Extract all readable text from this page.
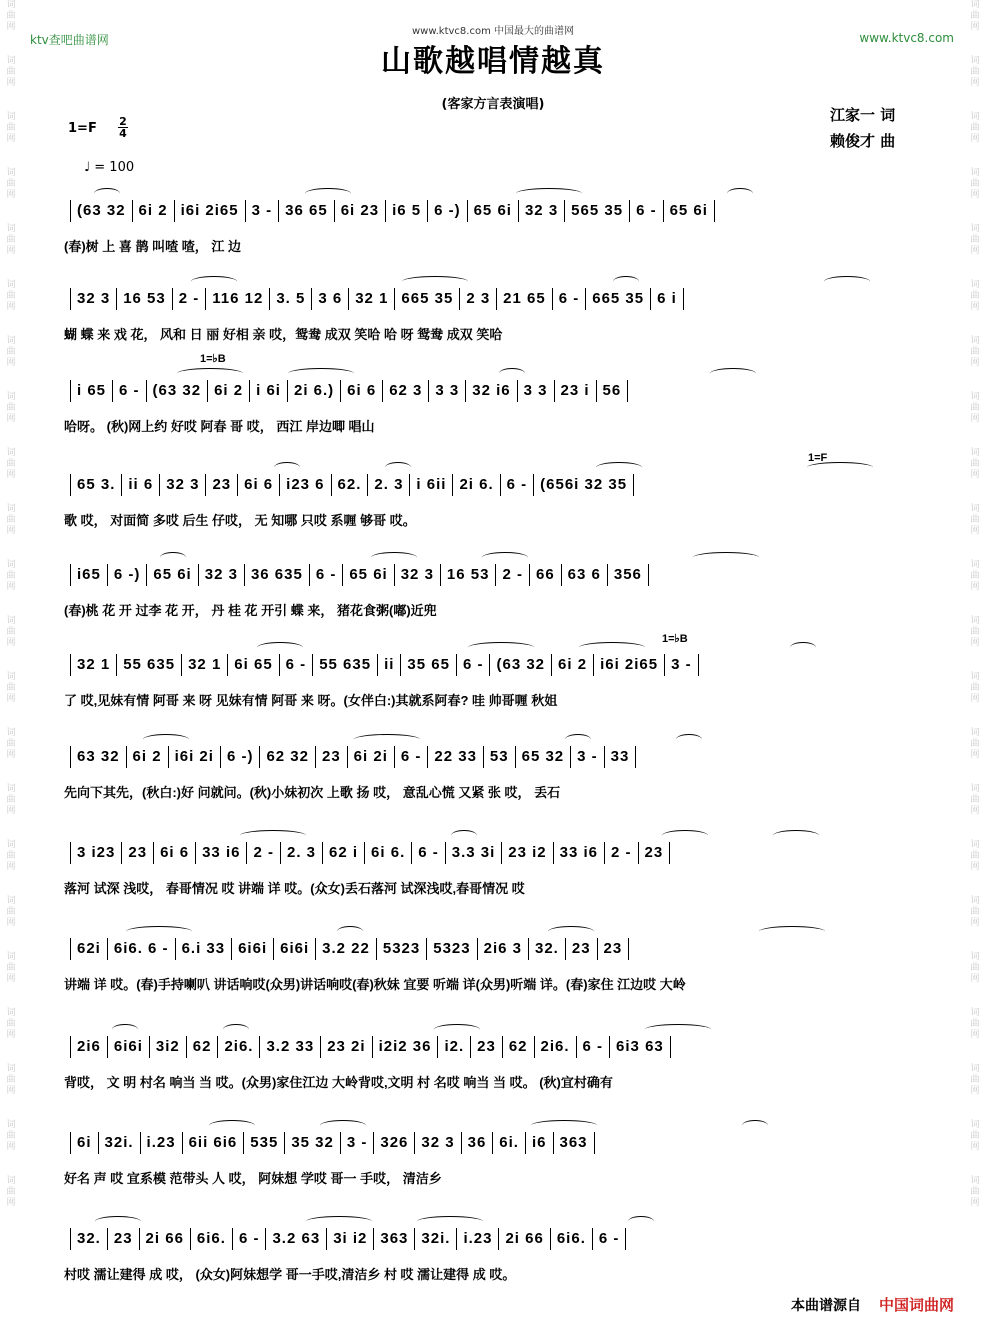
词
曲
网
词
曲
网
词
曲
网
词
曲
网
词
曲
网
词
曲
网
词
曲
网
词
曲
网
词
曲
网
词
曲
网
词
曲
网
词
曲
网
词
曲
网
词
曲
网
词
曲
网
词
曲
网
词
曲
网
词
曲
网
词
曲
网
词
曲
网
词
曲
网
词
曲
网
词
曲
网
词
曲
网
词
曲
网
词
曲
网
词
曲
网
词
曲
网
词
曲
网
词
曲
网
词
曲
网
词
曲
网
词
曲
网
词
曲
网
词
曲
网
词
曲
网
词
曲
网
词
曲
网
词
曲
网
词
曲
网
词
曲
网
词
曲
网
词
曲
网
词
曲
网
ktv查吧曲谱网
www.ktvc8.com 中国最大的曲谱网	www.ktvc8.com
山歌越唱情越真
(客家方言表演唱)
江家一 词
赖俊才 曲
1=F 2
4
♩ = 100
1=♭B
1=F
1=♭B
(63 32 6i 2 i6i 2i65 3 - 36 65 6i 23 i6 5 6 -) 65 6i 32 3 565 35 6 - 65 6i
(春)树 上 喜 鹊 叫喳 喳， 江 边
32 3 16 53 2 - 116 12 3. 5 3 6 32 1 665 35 2 3 21 65 6 - 665 35 6 i
蝴 蝶 来 戏 花， 风和 日 丽 好相 亲 哎，鸳鸯 成双 笑哈 哈 呀 鸳鸯 成双 笑哈
i 65 6 - (63 32 6i 2 i 6i 2i 6.) 6i 6 62 3 3 3 32 i6 3 3 23 i 56
哈呀。 (秋)网上约 好哎 阿春 哥 哎， 西江 岸边唧 唱山
65 3. ii 6 32 3 23 6i 6 i23 6 62. 2. 3 i 6ii 2i 6. 6 - (656i 32 35
歌 哎， 对面简 多哎 后生 仔哎， 无 知哪 只哎 系喱 够哥 哎。
i65 6 -) 65 6i 32 3 36 635 6 - 65 6i 32 3 16 53 2 - 66 63 6 356
(春)桃 花 开 过李 花 开， 丹 桂 花 开引 蝶 来， 猪花食粥(嘟)近兜
32 1 55 635 32 1 6i 65 6 - 55 635 ii 35 65 6 - (63 32 6i 2 i6i 2i65 3 -
了 哎,见妹有情 阿哥 来 呀 见妹有情 阿哥 来 呀。(女伴白:)其就系阿春? 哇 帅哥喱 秋姐
63 32 6i 2 i6i 2i 6 -) 62 32 23 6i 2i 6 - 22 33 53 65 32 3 - 33
先向下其先，(秋白:)好 问就问。(秋)小妹初次 上歌 扬 哎， 意乱心慌 又紧 张 哎， 丢石
3 i23 23 6i 6 33 i6 2 - 2. 3 62 i 6i 6. 6 - 3.3 3i 23 i2 33 i6 2 - 23
落河 试深 浅哎， 春哥情况 哎 讲端 详 哎。(众女)丢石落河 试深浅哎,春哥情况 哎
62i 6i6. 6 - 6.i 33 6i6i 6i6i 3.2 22 5323 5323 2i6 3 32. 23 23
讲端 详 哎。(春)手持喇叭 讲话响哎(众男)讲话响哎(春)秋妹 宜要 听端 详(众男)听端 详。(春)家住 江边哎 大岭
2i6 6i6i 3i2 62 2i6. 3.2 33 23 2i i2i2 36 i2. 23 62 2i6. 6 - 6i3 63
背哎， 文 明 村名 响当 当 哎。(众男)家住江边 大岭背哎,文明 村 名哎 响当 当 哎。 (秋)宜村确有
6i 32i. i.23 6ii 6i6 535 35 32 3 - 326 32 3 36 6i. i6 363
好名 声 哎 宜系模 范带头 人 哎， 阿妹想 学哎 哥一 手哎， 清洁乡
32. 23 2i 66 6i6. 6 - 3.2 63 3i i2 363 32i. i.23 2i 66 6i6. 6 -
村哎 濡让建得 成 哎， (众女)阿妹想学 哥一手哎,清洁乡 村 哎 濡让建得 成 哎。
本曲谱源自 中国词曲网
